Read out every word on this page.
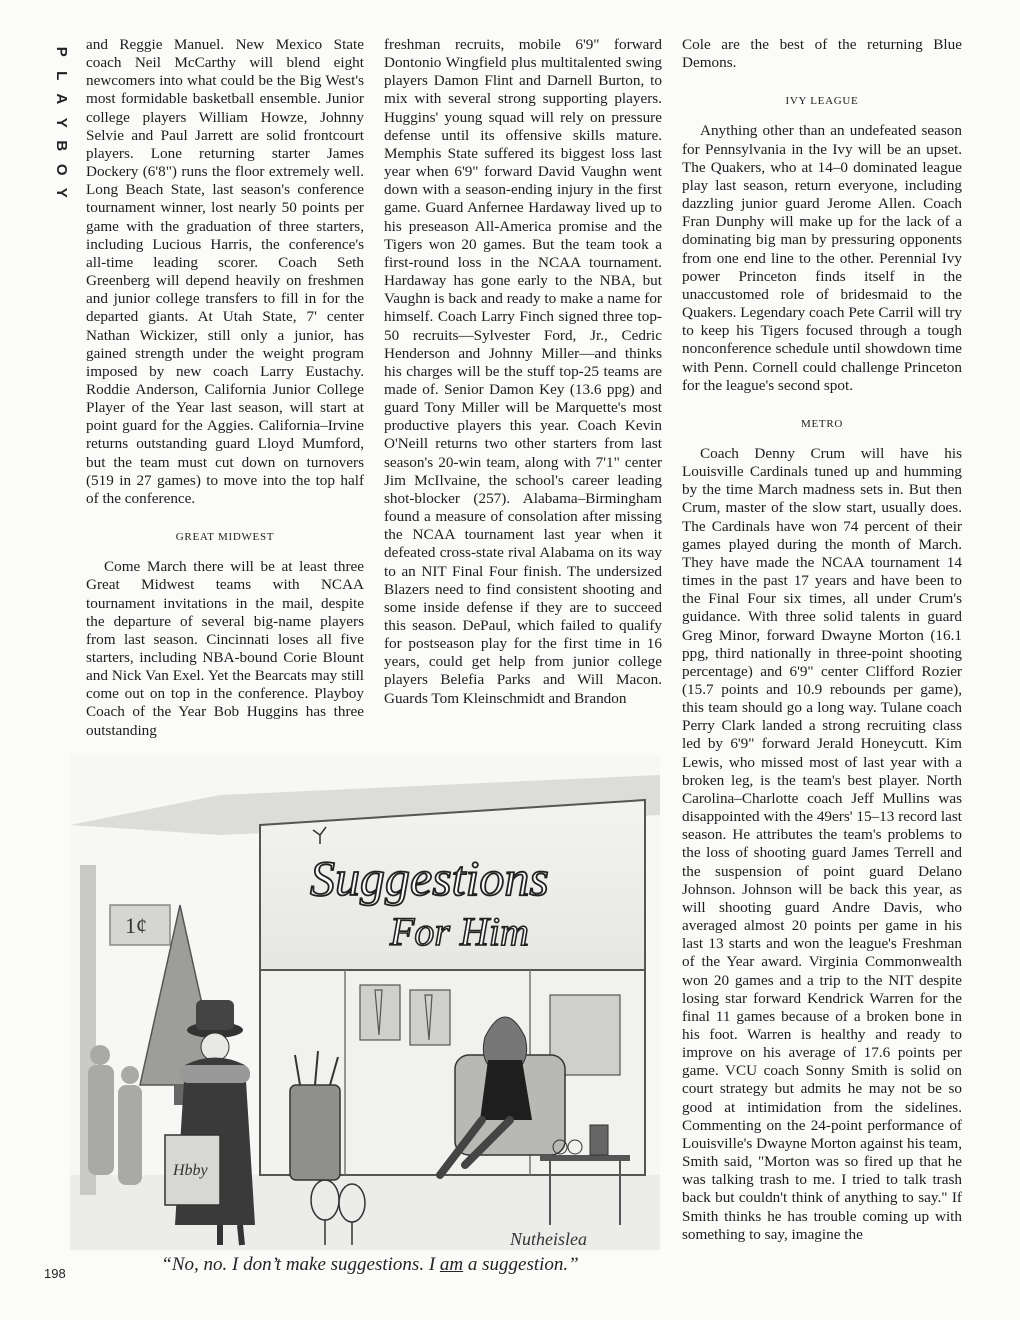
P
L
A
Y
B
O
Y

and Reggie Manuel. New Mexico State coach Neil McCarthy will blend eight newcomers into what could be the Big West's most formidable basketball ensemble. Junior college players William Howze, Johnny Selvie and Paul Jarrett are solid frontcourt players. Lone returning starter James Dockery (6'8") runs the floor extremely well. Long Beach State, last season's conference tournament winner, lost nearly 50 points per game with the graduation of three starters, including Lucious Harris, the conference's all-time leading scorer. Coach Seth Greenberg will depend heavily on freshmen and junior college transfers to fill in for the departed giants. At Utah State, 7' center Nathan Wickizer, still only a junior, has gained strength under the weight program imposed by new coach Larry Eustachy. Roddie Anderson, California Junior College Player of the Year last season, will start at point guard for the Aggies. California–Irvine returns outstanding guard Lloyd Mumford, but the team must cut down on turnovers (519 in 27 games) to move into the top half of the conference.

GREAT MIDWEST

Come March there will be at least three Great Midwest teams with NCAA tournament invitations in the mail, despite the departure of several big-name players from last season. Cincinnati loses all five starters, including NBA-bound Corie Blount and Nick Van Exel. Yet the Bearcats may still come out on top in the conference. Playboy Coach of the Year Bob Huggins has three outstanding

freshman recruits, mobile 6'9" forward Dontonio Wingfield plus multitalented swing players Damon Flint and Darnell Burton, to mix with several strong supporting players. Huggins' young squad will rely on pressure defense until its offensive skills mature. Memphis State suffered its biggest loss last year when 6'9" forward David Vaughn went down with a season-ending injury in the first game. Guard Anfernee Hardaway lived up to his preseason All-America promise and the Tigers won 20 games. But the team took a first-round loss in the NCAA tournament. Hardaway has gone early to the NBA, but Vaughn is back and ready to make a name for himself. Coach Larry Finch signed three top-50 recruits—Sylvester Ford, Jr., Cedric Henderson and Johnny Miller—and thinks his charges will be the stuff top-25 teams are made of. Senior Damon Key (13.6 ppg) and guard Tony Miller will be Marquette's most productive players this year. Coach Kevin O'Neill returns two other starters from last season's 20-win team, along with 7'1" center Jim McIlvaine, the school's career leading shot-blocker (257). Alabama–Birmingham found a measure of consolation after missing the NCAA tournament last year when it defeated cross-state rival Alabama on its way to an NIT Final Four finish. The undersized Blazers need to find consistent shooting and some inside defense if they are to succeed this season. DePaul, which failed to qualify for postseason play for the first time in 16 years, could get help from junior college players Belefia Parks and Will Macon. Guards Tom Kleinschmidt and Brandon

Cole are the best of the returning Blue Demons.

IVY LEAGUE

Anything other than an undefeated season for Pennsylvania in the Ivy will be an upset. The Quakers, who at 14–0 dominated league play last season, return everyone, including dazzling junior guard Jerome Allen. Coach Fran Dunphy will make up for the lack of a dominating big man by pressuring opponents from one end line to the other. Perennial Ivy power Princeton finds itself in the unaccustomed role of bridesmaid to the Quakers. Legendary coach Pete Carril will try to keep his Tigers focused through a tough nonconference schedule until showdown time with Penn. Cornell could challenge Princeton for the league's second spot.

METRO

Coach Denny Crum will have his Louisville Cardinals tuned up and humming by the time March madness sets in. But then Crum, master of the slow start, usually does. The Cardinals have won 74 percent of their games played during the month of March. They have made the NCAA tournament 14 times in the past 17 years and have been to the Final Four six times, all under Crum's guidance. With three solid talents in guard Greg Minor, forward Dwayne Morton (16.1 ppg, third nationally in three-point shooting percentage) and 6'9" center Clifford Rozier (15.7 points and 10.9 rebounds per game), this team should go a long way. Tulane coach Perry Clark landed a strong recruiting class led by 6'9" forward Jerald Honeycutt. Kim Lewis, who missed most of last year with a broken leg, is the team's best player. North Carolina–Charlotte coach Jeff Mullins was disappointed with the 49ers' 15–13 record last season. He attributes the team's problems to the loss of shooting guard James Terrell and the suspension of point guard Delano Johnson. Johnson will be back this year, as will shooting guard Andre Davis, who averaged almost 20 points per game in his last 13 starts and won the league's Freshman of the Year award. Virginia Commonwealth won 20 games and a trip to the NIT despite losing star forward Kendrick Warren for the final 11 games because of a broken bone in his foot. Warren is healthy and ready to improve on his average of 17.6 points per game. VCU coach Sonny Smith is solid on court strategy but admits he may not be so good at intimidation from the sidelines. Commenting on the 24-point performance of Louisville's Dwayne Morton against his team, Smith said, "Morton was so fired up that he was talking trash to me. I tried to talk trash back but couldn't think of anything to say." If Smith thinks he has trouble coming up with something to say, imagine the

1¢
Suggestions
For Him
Hbby
Nutheislea
“No, no. I don’t make suggestions. I am a suggestion.”
198
